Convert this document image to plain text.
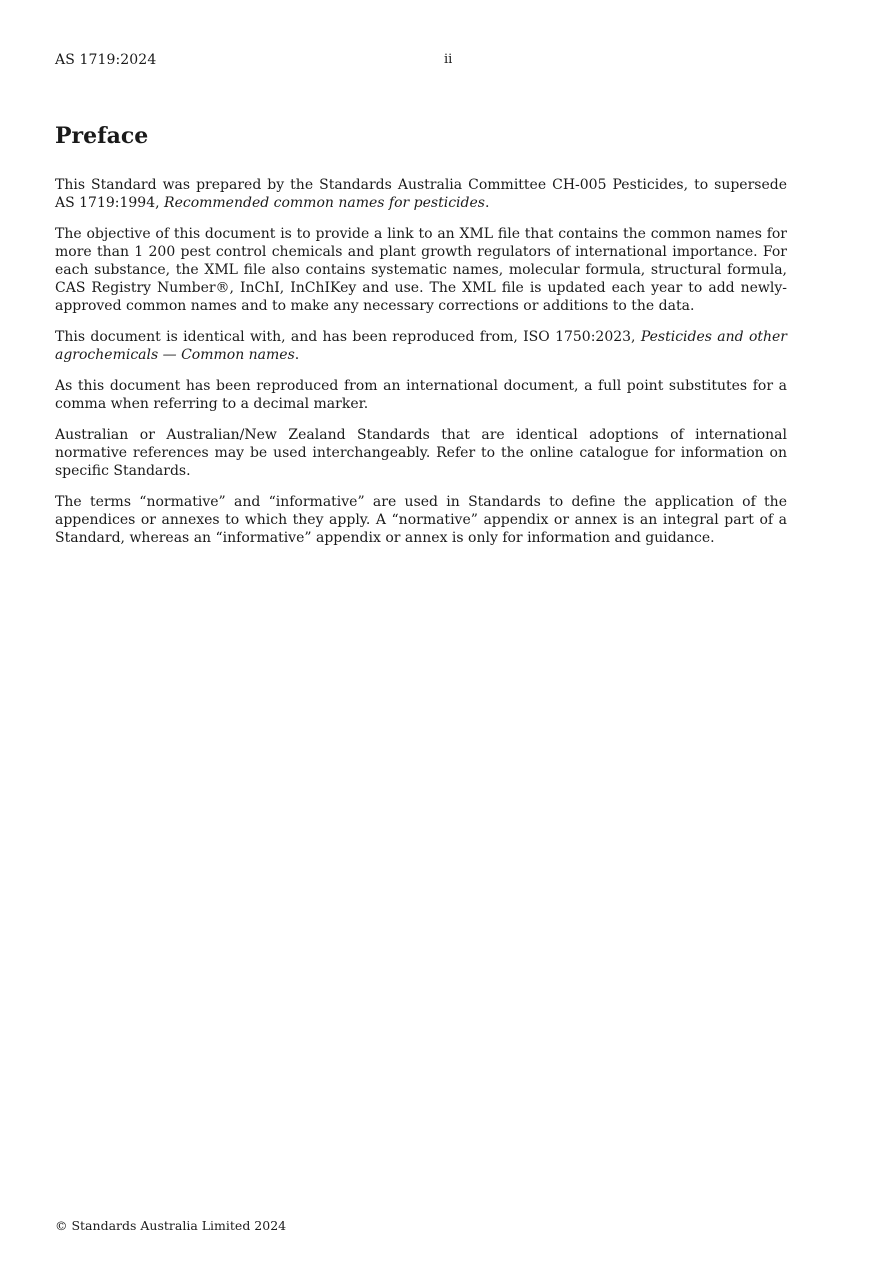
AS 1719:2024	ii
Preface

This Standard was prepared by the Standards Australia Committee CH-005 Pesticides, to supersede AS 1719:1994, Recommended common names for pesticides.

The objective of this document is to provide a link to an XML file that contains the common names for more than 1 200 pest control chemicals and plant growth regulators of international importance. For each substance, the XML file also contains systematic names, molecular formula, structural formula, CAS Registry Number®, InChI, InChIKey and use. The XML file is updated each year to add newly-approved common names and to make any necessary corrections or additions to the data.

This document is identical with, and has been reproduced from, ISO 1750:2023, Pesticides and other agrochemicals — Common names.

As this document has been reproduced from an international document, a full point substitutes for a comma when referring to a decimal marker.

Australian or Australian/New Zealand Standards that are identical adoptions of international normative references may be used interchangeably. Refer to the online catalogue for information on specific Standards.

The terms “normative” and “informative” are used in Standards to define the application of the appendices or annexes to which they apply. A “normative” appendix or annex is an integral part of a Standard, whereas an “informative” appendix or annex is only for information and guidance.

© Standards Australia Limited 2024
